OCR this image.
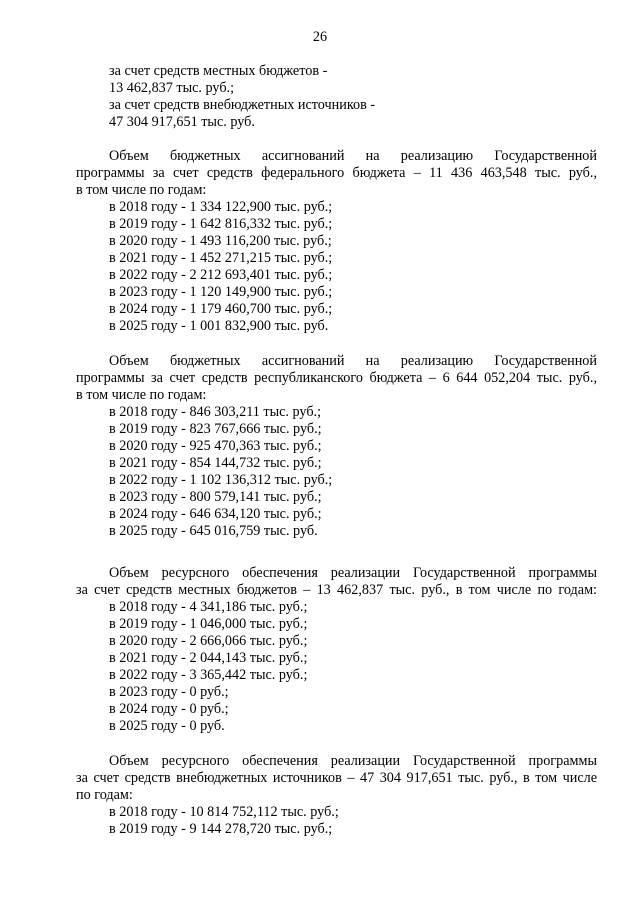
26
за счет средств местных бюджетов -
13 462,837 тыс. руб.;
за счет средств внебюджетных источников -
47 304 917,651 тыс. руб.
Объем бюджетных ассигнований на реализацию Государственной
программы за счет средств федерального бюджета – 11 436 463,548 тыс. руб.,
в том числе по годам:
в 2018 году - 1 334 122,900 тыс. руб.;
в 2019 году - 1 642 816,332 тыс. руб.;
в 2020 году - 1 493 116,200 тыс. руб.;
в 2021 году - 1 452 271,215 тыс. руб.;
в 2022 году - 2 212 693,401 тыс. руб.;
в 2023 году - 1 120 149,900 тыс. руб.;
в 2024 году - 1 179 460,700 тыс. руб.;
в 2025 году - 1 001 832,900 тыс. руб.
Объем бюджетных ассигнований на реализацию Государственной
программы за счет средств республиканского бюджета – 6 644 052,204 тыс. руб.,
в том числе по годам:
в 2018 году - 846 303,211 тыс. руб.;
в 2019 году - 823 767,666 тыс. руб.;
в 2020 году - 925 470,363 тыс. руб.;
в 2021 году - 854 144,732 тыс. руб.;
в 2022 году - 1 102 136,312 тыс. руб.;
в 2023 году - 800 579,141 тыс. руб.;
в 2024 году - 646 634,120 тыс. руб.;
в 2025 году - 645 016,759 тыс. руб.
Объем ресурсного обеспечения реализации Государственной программы
за счет средств местных бюджетов – 13 462,837 тыс. руб., в том числе по годам:
в 2018 году - 4 341,186 тыс. руб.;
в 2019 году - 1 046,000 тыс. руб.;
в 2020 году - 2 666,066 тыс. руб.;
в 2021 году - 2 044,143 тыс. руб.;
в 2022 году - 3 365,442 тыс. руб.;
в 2023 году - 0 руб.;
в 2024 году - 0 руб.;
в 2025 году - 0 руб.
Объем ресурсного обеспечения реализации Государственной программы
за счет средств внебюджетных источников – 47 304 917,651 тыс. руб., в том числе
по годам:
в 2018 году - 10 814 752,112 тыс. руб.;
в 2019 году - 9 144 278,720 тыс. руб.;
